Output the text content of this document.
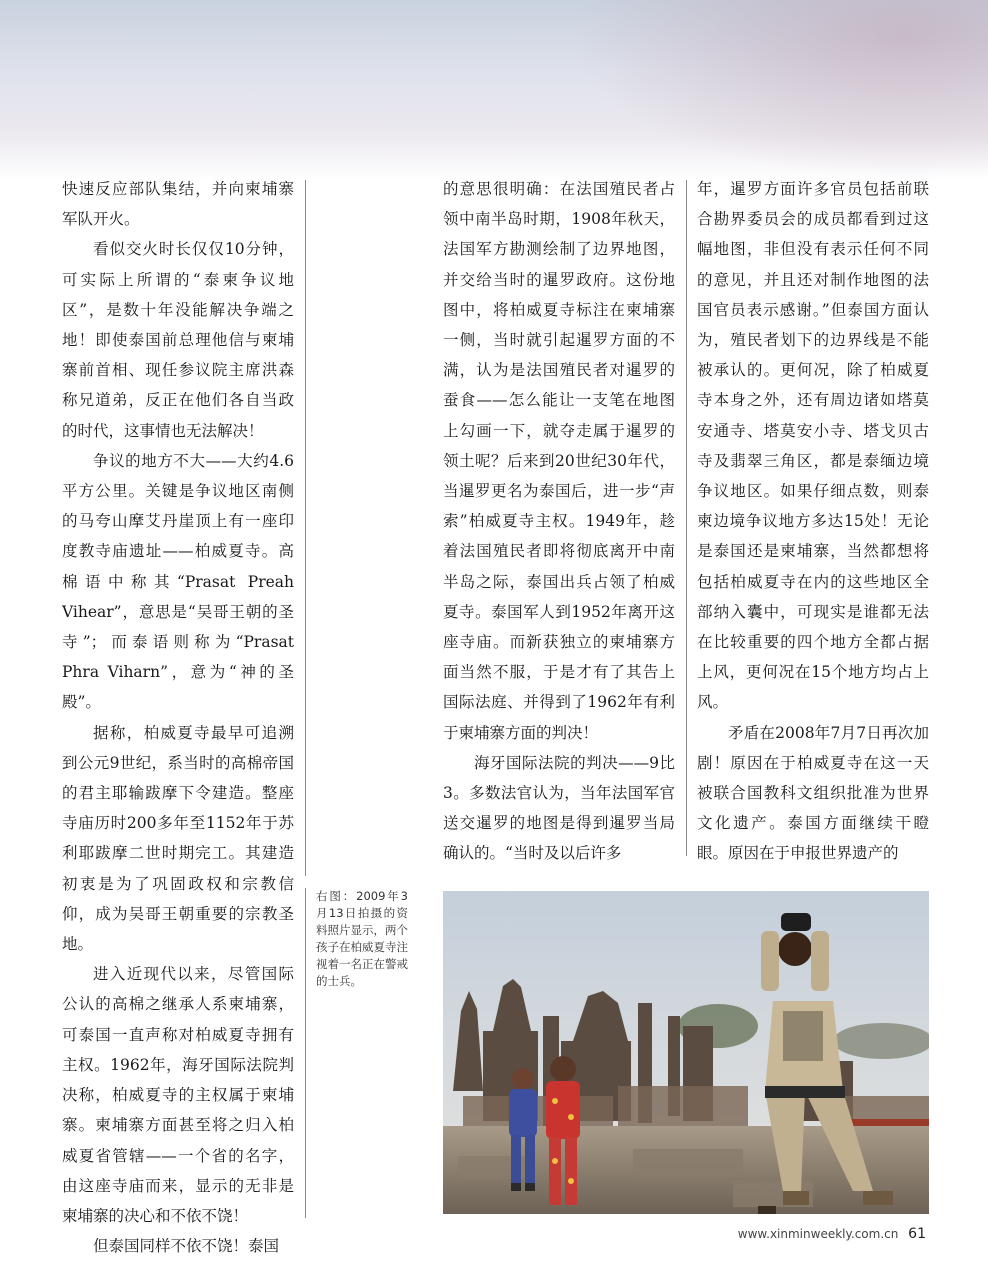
快速反应部队集结，并向柬埔寨军队开火。

看似交火时长仅仅10分钟，可实际上所谓的“泰柬争议地区”，是数十年没能解决争端之地！即使泰国前总理他信与柬埔寨前首相、现任参议院主席洪森称兄道弟，反正在他们各自当政的时代，这事情也无法解决！

争议的地方不大——大约4.6平方公里。关键是争议地区南侧的马夸山摩艾丹崖顶上有一座印度教寺庙遗址——柏威夏寺。高棉语中称其“Prasat Preah Vihear”，意思是“吴哥王朝的圣寺”；而泰语则称为“Prasat Phra Viharn”，意为“神的圣殿”。

据称，柏威夏寺最早可追溯到公元9世纪，系当时的高棉帝国的君主耶输跋摩下令建造。整座寺庙历时200多年至1152年于苏利耶跋摩二世时期完工。其建造初衷是为了巩固政权和宗教信仰，成为吴哥王朝重要的宗教圣地。

进入近现代以来，尽管国际公认的高棉之继承人系柬埔寨，可泰国一直声称对柏威夏寺拥有主权。1962年，海牙国际法院判决称，柏威夏寺的主权属于柬埔寨。柬埔寨方面甚至将之归入柏威夏省管辖——一个省的名字，由这座寺庙而来，显示的无非是柬埔寨的决心和不依不饶！

但泰国同样不依不饶！泰国

的意思很明确：在法国殖民者占领中南半岛时期，1908年秋天，法国军方勘测绘制了边界地图，并交给当时的暹罗政府。这份地图中，将柏威夏寺标注在柬埔寨一侧，当时就引起暹罗方面的不满，认为是法国殖民者对暹罗的蚕食——怎么能让一支笔在地图上勾画一下，就夺走属于暹罗的领土呢？后来到20世纪30年代，当暹罗更名为泰国后，进一步“声索”柏威夏寺主权。1949年，趁着法国殖民者即将彻底离开中南半岛之际，泰国出兵占领了柏威夏寺。泰国军人到1952年离开这座寺庙。而新获独立的柬埔寨方面当然不服，于是才有了其告上国际法庭、并得到了1962年有利于柬埔寨方面的判决！

海牙国际法院的判决——9比3。多数法官认为，当年法国军官送交暹罗的地图是得到暹罗当局确认的。“当时及以后许多

年，暹罗方面许多官员包括前联合勘界委员会的成员都看到过这幅地图，非但没有表示任何不同的意见，并且还对制作地图的法国官员表示感谢。”但泰国方面认为，殖民者划下的边界线是不能被承认的。更何况，除了柏威夏寺本身之外，还有周边诸如塔莫安通寺、塔莫安小寺、塔戈贝古寺及翡翠三角区，都是泰缅边境争议地区。如果仔细点数，则泰柬边境争议地方多达15处！无论是泰国还是柬埔寨，当然都想将包括柏威夏寺在内的这些地区全部纳入囊中，可现实是谁都无法在比较重要的四个地方全都占据上风，更何况在15个地方均占上风。

矛盾在2008年7月7日再次加剧！原因在于柏威夏寺在这一天被联合国教科文组织批准为世界文化遗产。泰国方面继续干瞪眼。原因在于申报世界遗产的

右图：2009年3月13日拍摄的资料照片显示，两个孩子在柏威夏寺注视着一名正在警戒的士兵。
www.xinminweekly.com.cn 61
